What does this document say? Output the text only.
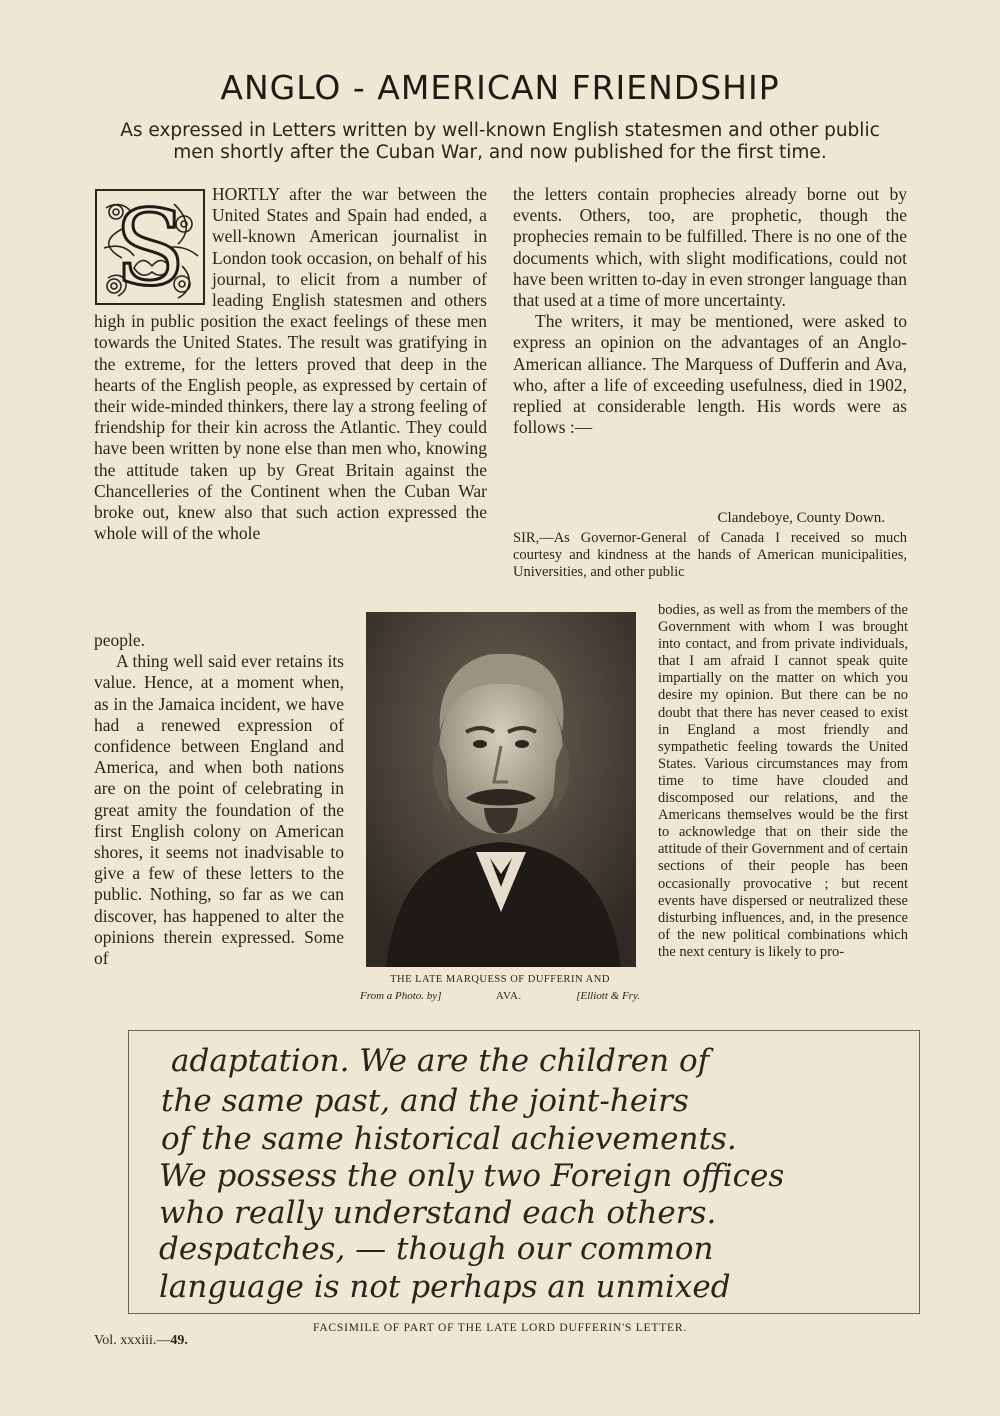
ANGLO - AMERICAN FRIENDSHIP
As expressed in Letters written by well-known English statesmen and other public
men shortly after the Cuban War, and now published for the first time.

S HORTLY after the war between the United States and Spain had ended, a well-known American journalist in London took occasion, on behalf of his journal, to elicit from a number of leading English statesmen and others high in public position the exact feelings of these men towards the United States. The result was gratifying in the extreme, for the letters proved that deep in the hearts of the English people, as expressed by certain of their wide-minded thinkers, there lay a strong feeling of friendship for their kin across the Atlantic. They could have been written by none else than men who, knowing the attitude taken up by Great Britain against the Chancelleries of the Continent when the Cuban War broke out, knew also that such action expressed the whole will of the whole

people.

A thing well said ever retains its value. Hence, at a moment when, as in the Jamaica incident, we have had a renewed expression of confidence between England and America, and when both nations are on the point of celebrating in great amity the foundation of the first English colony on American shores, it seems not inadvisable to give a few of these letters to the public. Nothing, so far as we can discover, has happened to alter the opinions therein expressed. Some of

the letters contain prophecies already borne out by events. Others, too, are prophetic, though the prophecies remain to be fulfilled. There is no one of the documents which, with slight modifications, could not have been written to-day in even stronger language than that used at a time of more uncertainty.

The writers, it may be mentioned, were asked to express an opinion on the advantages of an Anglo-American alliance. The Marquess of Dufferin and Ava, who, after a life of exceeding usefulness, died in 1902, replied at considerable length. His words were as follows :—

Clandeboye, County Down.
SIR,—As Governor-General of Canada I received so much courtesy and kindness at the hands of American municipalities, Universities, and other public
bodies, as well as from the members of the Government with whom I was brought into contact, and from private individuals, that I am afraid I cannot speak quite impartially on the matter on which you desire my opinion. But there can be no doubt that there has never ceased to exist in England a most friendly and sympathetic feeling towards the United States. Various circumstances may from time to time have clouded and discomposed our relations, and the Americans themselves would be the first to acknowledge that on their side the attitude of their Government and of certain sections of their people has been occasionally provocative ; but recent events have dispersed or neutralized these disturbing influences, and, in the presence of the new political combinations which the next century is likely to pro-
THE LATE MARQUESS OF DUFFERIN AND
From a Photo. by]	AVA.	[Elliott & Fry.
adaptation. We are the children of
the same past, and the joint-heirs
of the same historical achievements.
We possess the only two Foreign offices
who really understand each others.
despatches, — though our common
language is not perhaps an unmixed
FACSIMILE OF PART OF THE LATE LORD DUFFERIN'S LETTER.
Vol. xxxiii.—49.
